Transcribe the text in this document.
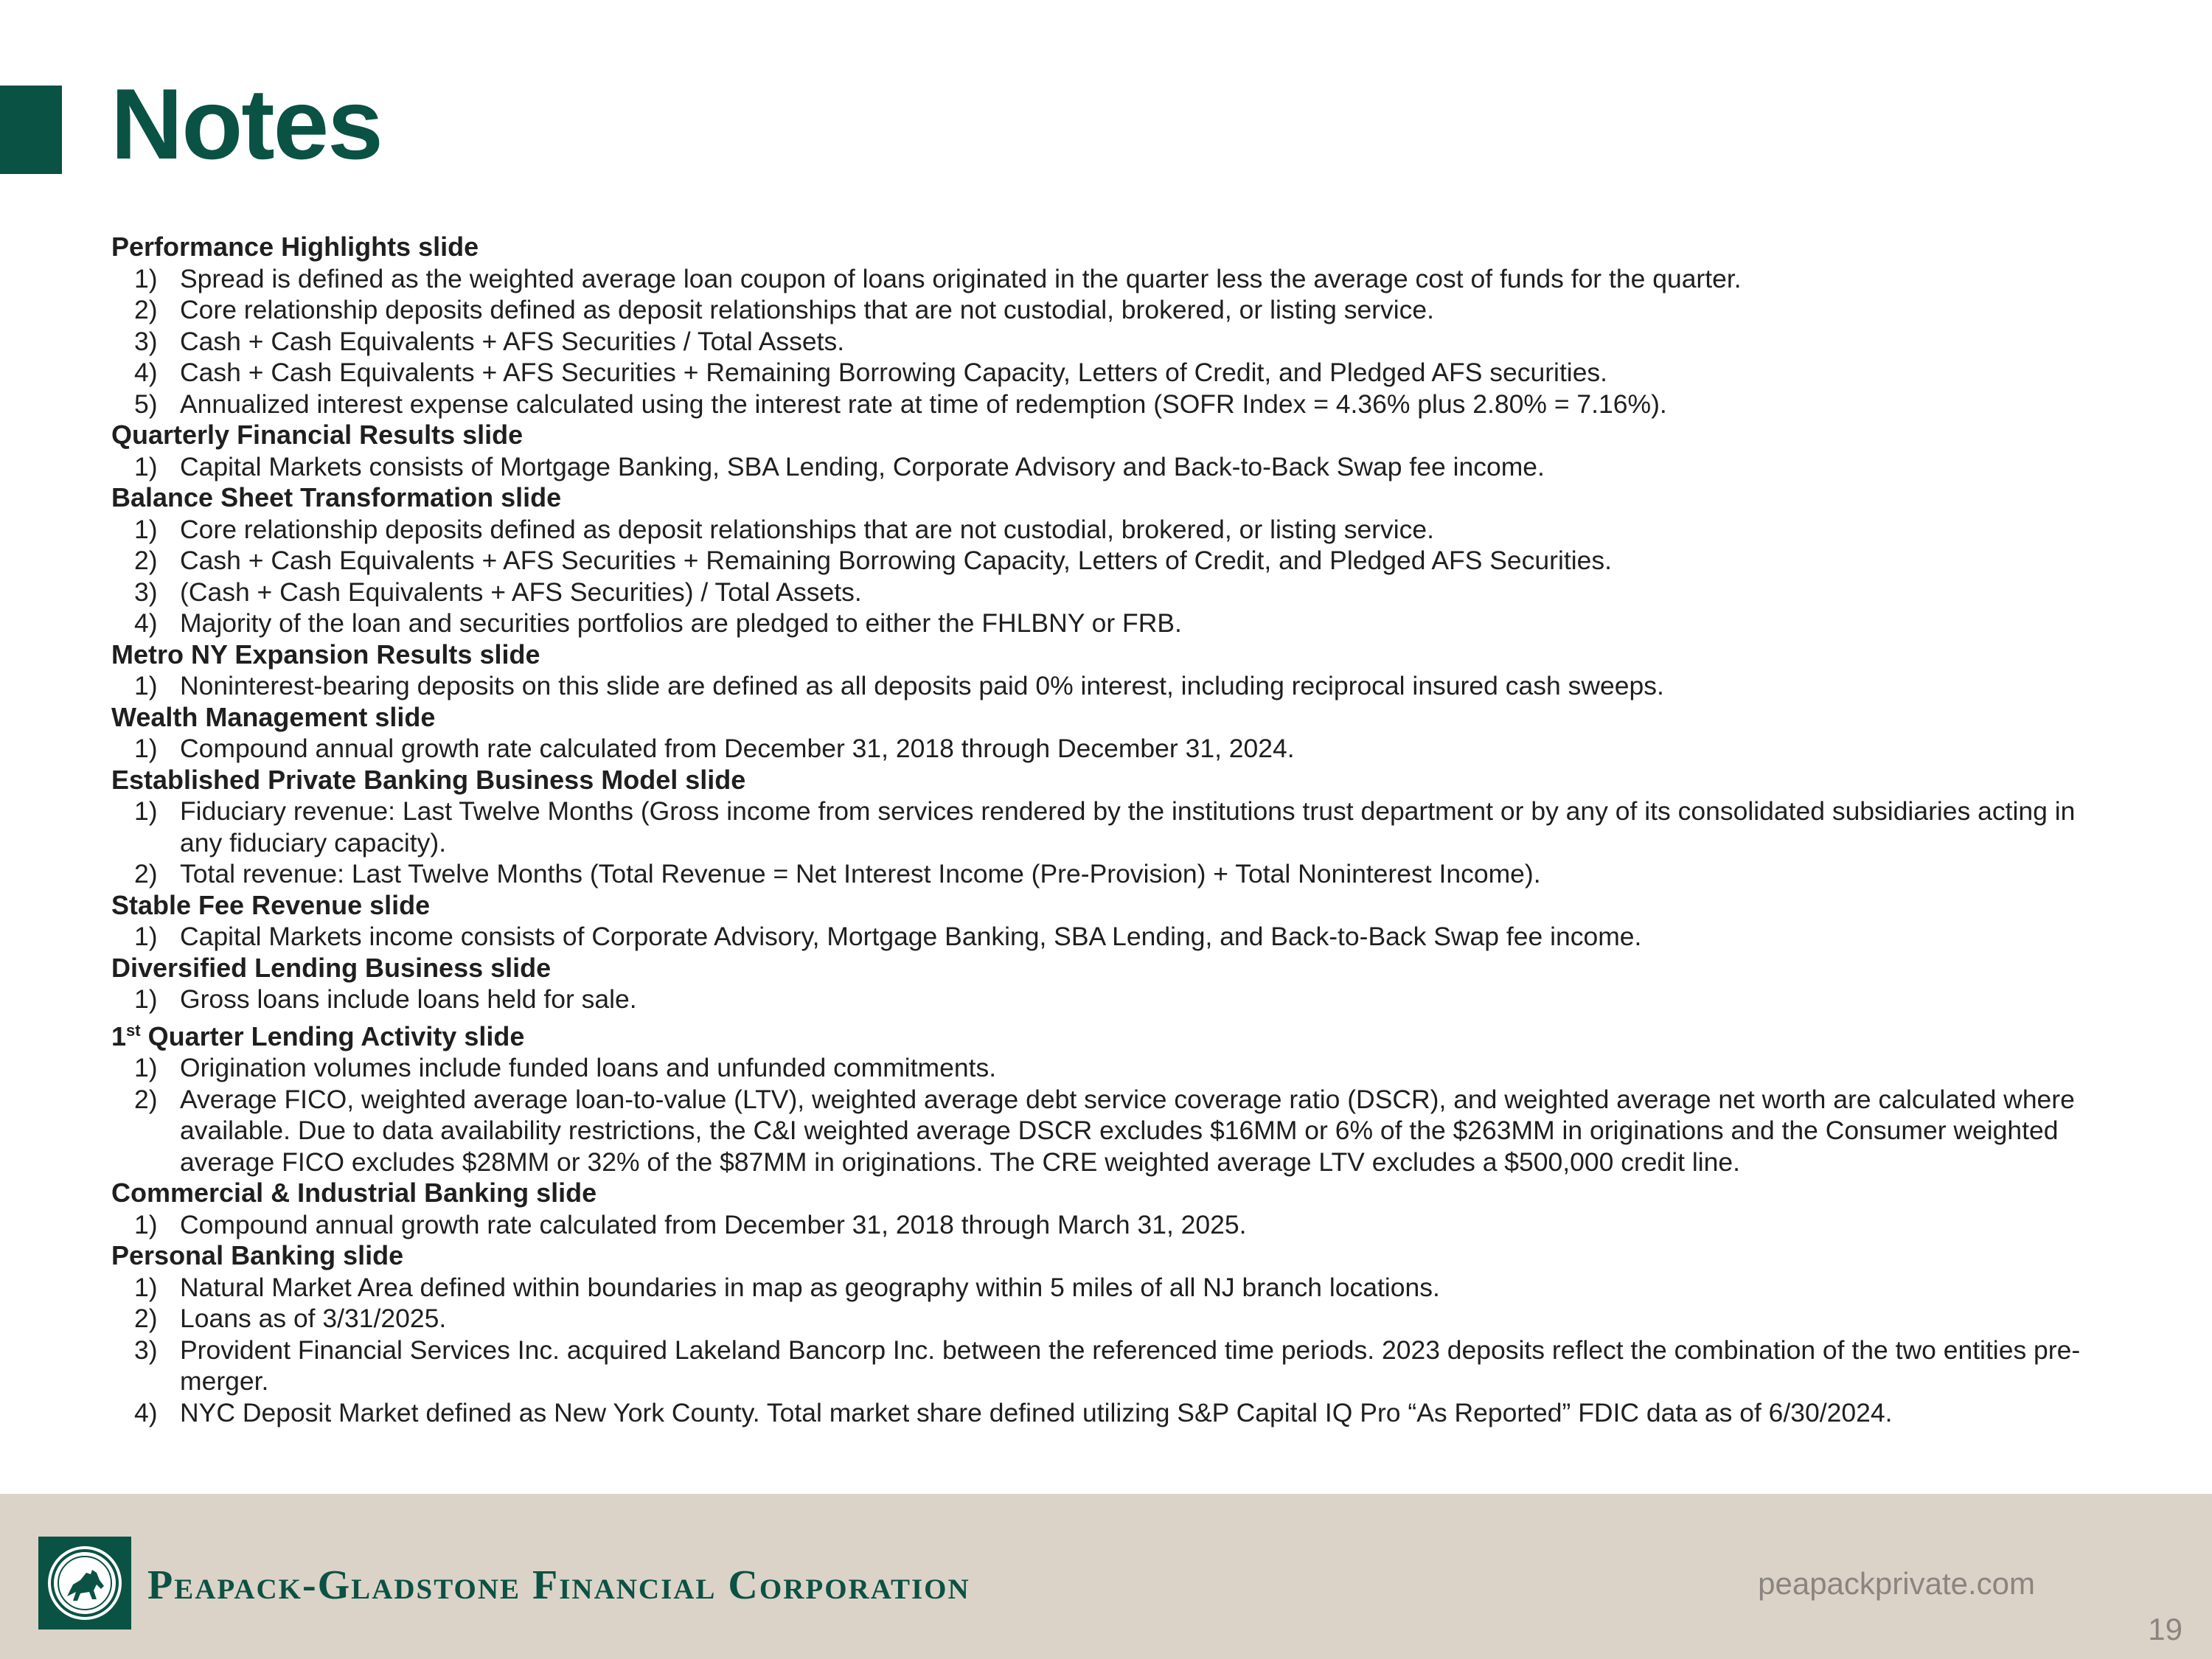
Notes
Performance Highlights slide
1) Spread is defined as the weighted average loan coupon of loans originated in the quarter less the average cost of funds for the quarter.
2) Core relationship deposits defined as deposit relationships that are not custodial, brokered, or listing service.
3) Cash + Cash Equivalents + AFS Securities / Total Assets.
4) Cash + Cash Equivalents + AFS Securities + Remaining Borrowing Capacity, Letters of Credit, and Pledged AFS securities.
5) Annualized interest expense calculated using the interest rate at time of redemption (SOFR Index = 4.36% plus 2.80% = 7.16%).
Quarterly Financial Results slide
1) Capital Markets consists of Mortgage Banking, SBA Lending, Corporate Advisory and Back-to-Back Swap fee income.
Balance Sheet Transformation slide
1) Core relationship deposits defined as deposit relationships that are not custodial, brokered, or listing service.
2) Cash + Cash Equivalents + AFS Securities + Remaining Borrowing Capacity, Letters of Credit, and Pledged AFS Securities.
3) (Cash + Cash Equivalents + AFS Securities) / Total Assets.
4) Majority of the loan and securities portfolios are pledged to either the FHLBNY or FRB.
Metro NY Expansion Results slide
1) Noninterest-bearing deposits on this slide are defined as all deposits paid 0% interest, including reciprocal insured cash sweeps.
Wealth Management slide
1) Compound annual growth rate calculated from December 31, 2018 through December 31, 2024.
Established Private Banking Business Model slide
1) Fiduciary revenue: Last Twelve Months (Gross income from services rendered by the institutions trust department or by any of its consolidated subsidiaries acting in any fiduciary capacity).
2) Total revenue: Last Twelve Months (Total Revenue = Net Interest Income (Pre-Provision) + Total Noninterest Income).
Stable Fee Revenue slide
1) Capital Markets income consists of Corporate Advisory, Mortgage Banking, SBA Lending, and Back-to-Back Swap fee income.
Diversified Lending Business slide
1) Gross loans include loans held for sale.
1st Quarter Lending Activity slide
1) Origination volumes include funded loans and unfunded commitments.
2) Average FICO, weighted average loan-to-value (LTV), weighted average debt service coverage ratio (DSCR), and weighted average net worth are calculated where available. Due to data availability restrictions, the C&I weighted average DSCR excludes $16MM or 6% of the $263MM in originations and the Consumer weighted average FICO excludes $28MM or 32% of the $87MM in originations. The CRE weighted average LTV excludes a $500,000 credit line.
Commercial & Industrial Banking slide
1) Compound annual growth rate calculated from December 31, 2018 through March 31, 2025.
Personal Banking slide
1) Natural Market Area defined within boundaries in map as geography within 5 miles of all NJ branch locations.
2) Loans as of 3/31/2025.
3) Provident Financial Services Inc. acquired Lakeland Bancorp Inc. between the referenced time periods. 2023 deposits reflect the combination of the two entities pre-merger.
4) NYC Deposit Market defined as New York County. Total market share defined utilizing S&P Capital IQ Pro “As Reported” FDIC data as of 6/30/2024.
Peapack-Gladstone Financial Corporation	peapackprivate.com
19
